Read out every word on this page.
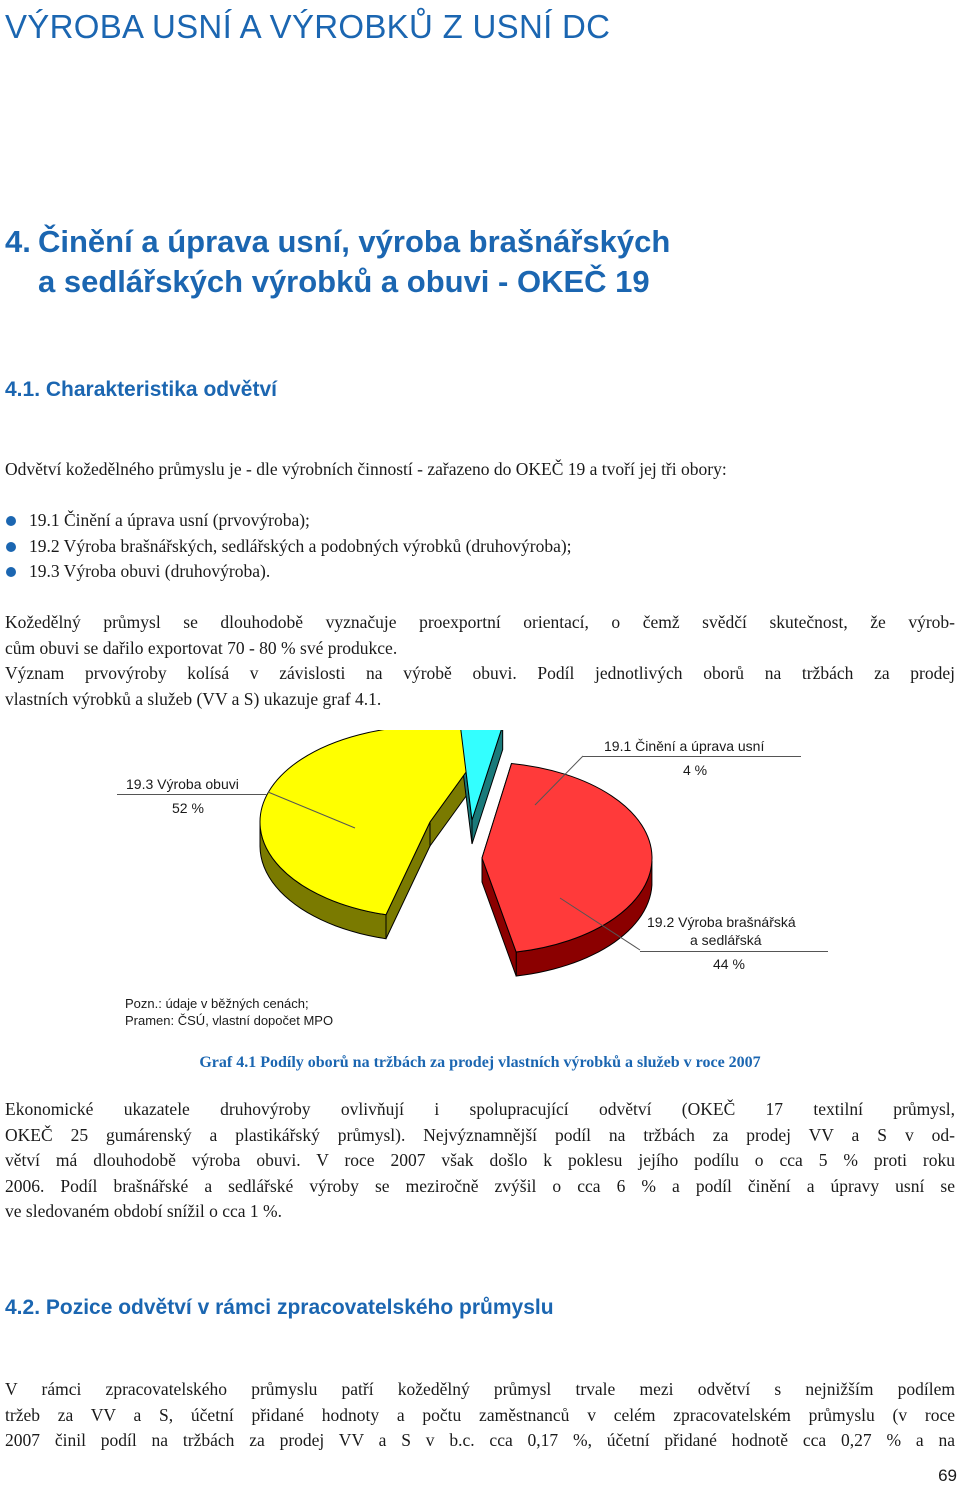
VÝROBA USNÍ A VÝROBKŮ Z USNÍ DC
4. Činění a úprava usní, výroba brašnářských
a sedlářských výrobků a obuvi - OKEČ 19
4.1. Charakteristika odvětví

Odvětví kožedělného průmyslu je - dle výrobních činností - zařazeno do OKEČ 19 a tvoří jej tři obory:

19.1 Činění a úprava usní (prvovýroba);
19.2 Výroba brašnářských, sedlářských a podobných výrobků (druhovýroba);
19.3 Výroba obuvi (druhovýroba).

Kožedělný průmysl se dlouhodobě vyznačuje proexportní orientací, o čemž svědčí skutečnost, že výrob-
cům obuvi se dařilo exportovat 70 - 80 % své produkce.

Význam prvovýroby kolísá v závislosti na výrobě obuvi. Podíl jednotlivých oborů na tržbách za prodej
vlastních výrobků a služeb (VV a S) ukazuje graf 4.1.

19.3 Výroba obuvi
52 %
19.1 Činění a úprava usní
4 %
19.2 Výroba brašnářská
a sedlářská
44 %
Pozn.: údaje v běžných cenách;
Pramen: ČSÚ, vlastní dopočet MPO
Graf 4.1 Podíly oborů na tržbách za prodej vlastních výrobků a služeb v roce 2007

Ekonomické ukazatele druhovýroby ovlivňují i spolupracující odvětví (OKEČ 17 textilní průmysl,
OKEČ 25 gumárenský a plastikářský průmysl). Nejvýznamnější podíl na tržbách za prodej VV a S v od-
větví má dlouhodobě výroba obuvi. V roce 2007 však došlo k poklesu jejího podílu o cca 5 % proti roku
2006. Podíl brašnářské a sedlářské výroby se meziročně zvýšil o cca 6 % a podíl činění a úpravy usní se
ve sledovaném období snížil o cca 1 %.

4.2. Pozice odvětví v rámci zpracovatelského průmyslu

V rámci zpracovatelského průmyslu patří kožedělný průmysl trvale mezi odvětví s nejnižším podílem
tržeb za VV a S, účetní přidané hodnoty a počtu zaměstnanců v celém zpracovatelském průmyslu (v roce
2007 činil podíl na tržbách za prodej VV a S v b.c. cca 0,17 %, účetní přidané hodnotě cca 0,27 % a na

69
